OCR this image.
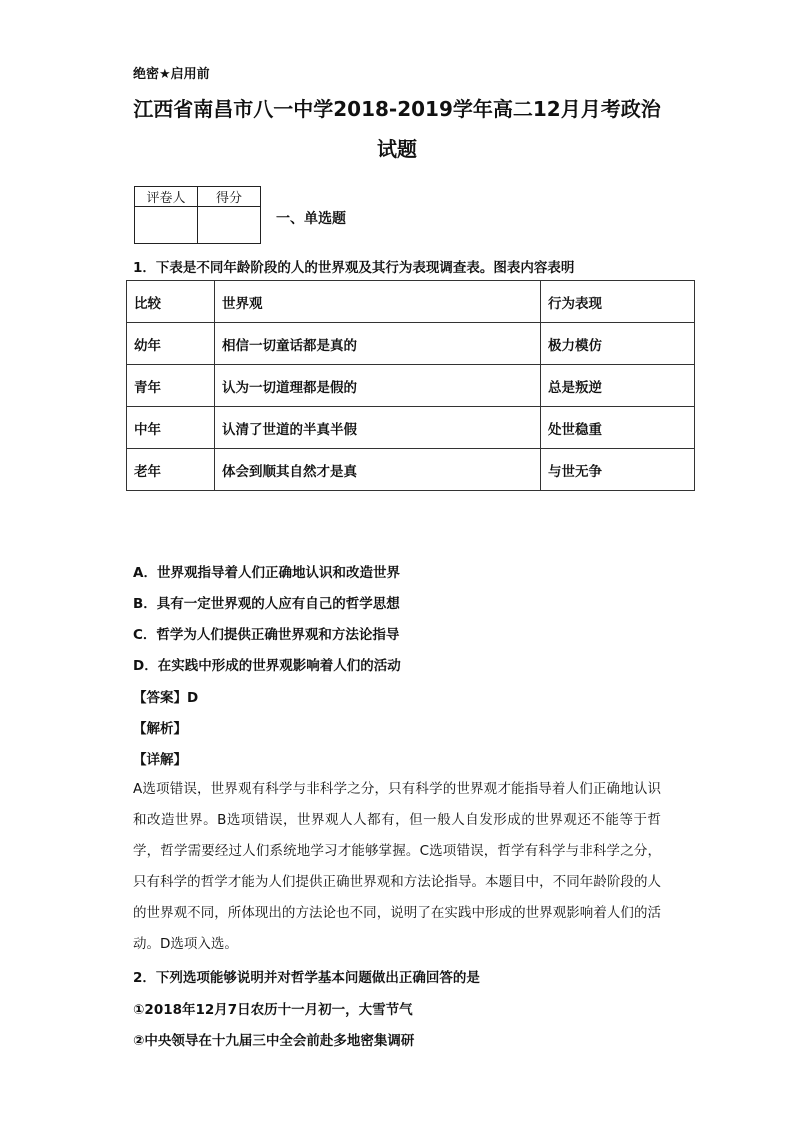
绝密★启用前
江西省南昌市八一中学2018-2019学年高二12月月考政治
试题
评卷人	得分

一、单选题
1．下表是不同年龄阶段的人的世界观及其行为表现调查表。图表内容表明
比较	世界观	行为表现
幼年	相信一切童话都是真的	极力模仿
青年	认为一切道理都是假的	总是叛逆
中年	认清了世道的半真半假	处世稳重
老年	体会到顺其自然才是真	与世无争
A．世界观指导着人们正确地认识和改造世界
B．具有一定世界观的人应有自己的哲学思想
C．哲学为人们提供正确世界观和方法论指导
D．在实践中形成的世界观影响着人们的活动
【答案】D
【解析】
【详解】
A选项错误，世界观有科学与非科学之分，只有科学的世界观才能指导着人们正确地认识和改造世界。B选项错误，世界观人人都有，但一般人自发形成的世界观还不能等于哲学，哲学需要经过人们系统地学习才能够掌握。C选项错误，哲学有科学与非科学之分，只有科学的哲学才能为人们提供正确世界观和方法论指导。本题目中，不同年龄阶段的人的世界观不同，所体现出的方法论也不同，说明了在实践中形成的世界观影响着人们的活动。D选项入选。
2．下列选项能够说明并对哲学基本问题做出正确回答的是
①2018年12月7日农历十一月初一，大雪节气
②中央领导在十九届三中全会前赴多地密集调研
